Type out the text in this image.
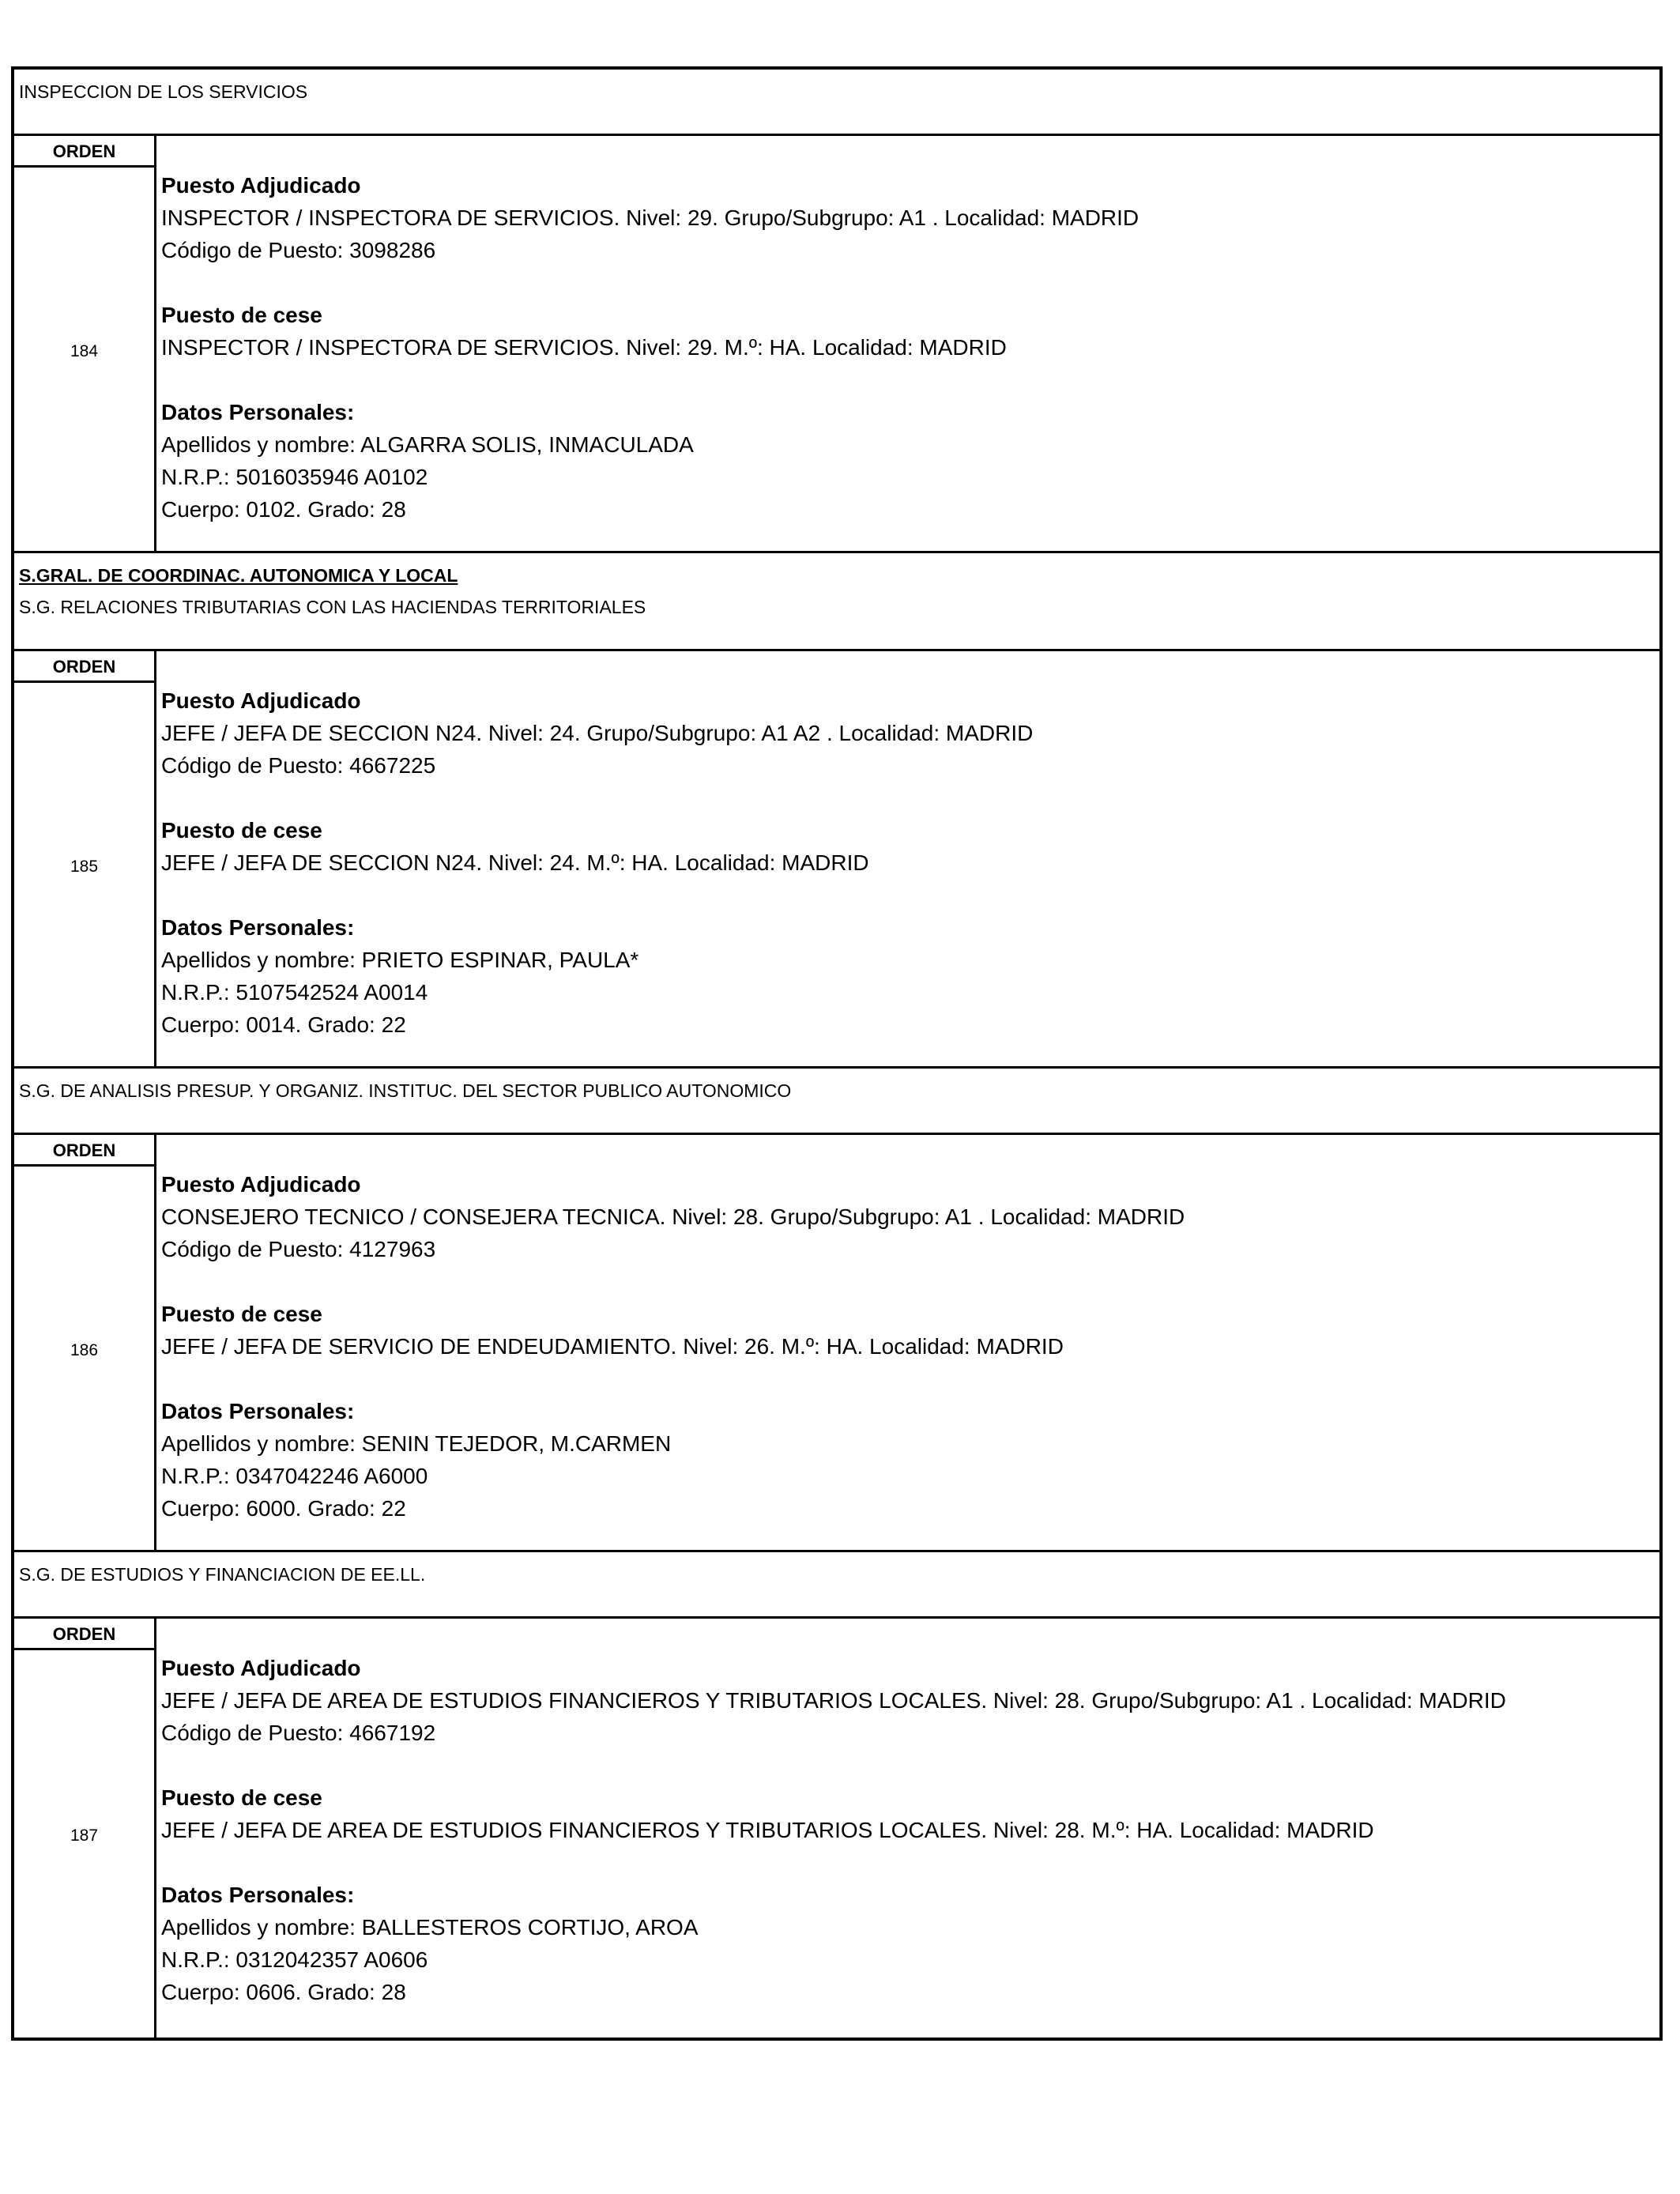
INSPECCION DE LOS SERVICIOS
ORDEN
184
Puesto Adjudicado
INSPECTOR / INSPECTORA DE SERVICIOS. Nivel: 29. Grupo/Subgrupo: A1 . Localidad: MADRID
Código de Puesto: 3098286
Puesto de cese
INSPECTOR / INSPECTORA DE SERVICIOS. Nivel: 29. M.º: HA. Localidad: MADRID
Datos Personales:
Apellidos y nombre: ALGARRA SOLIS, INMACULADA
N.R.P.: 5016035946 A0102
Cuerpo: 0102. Grado: 28
S.GRAL. DE COORDINAC. AUTONOMICA Y LOCAL
S.G. RELACIONES TRIBUTARIAS CON LAS HACIENDAS TERRITORIALES
ORDEN
185
Puesto Adjudicado
JEFE / JEFA DE SECCION N24. Nivel: 24. Grupo/Subgrupo: A1 A2 . Localidad: MADRID
Código de Puesto: 4667225
Puesto de cese
JEFE / JEFA DE SECCION N24. Nivel: 24. M.º: HA. Localidad: MADRID
Datos Personales:
Apellidos y nombre: PRIETO ESPINAR, PAULA*
N.R.P.: 5107542524 A0014
Cuerpo: 0014. Grado: 22
S.G. DE ANALISIS PRESUP. Y ORGANIZ. INSTITUC. DEL SECTOR PUBLICO AUTONOMICO
ORDEN
186
Puesto Adjudicado
CONSEJERO TECNICO / CONSEJERA TECNICA. Nivel: 28. Grupo/Subgrupo: A1 . Localidad: MADRID
Código de Puesto: 4127963
Puesto de cese
JEFE / JEFA DE SERVICIO DE ENDEUDAMIENTO. Nivel: 26. M.º: HA. Localidad: MADRID
Datos Personales:
Apellidos y nombre: SENIN TEJEDOR, M.CARMEN
N.R.P.: 0347042246 A6000
Cuerpo: 6000. Grado: 22
S.G. DE ESTUDIOS Y FINANCIACION DE EE.LL.
ORDEN
187
Puesto Adjudicado
JEFE / JEFA DE AREA DE ESTUDIOS FINANCIEROS Y TRIBUTARIOS LOCALES. Nivel: 28. Grupo/Subgrupo: A1 . Localidad: MADRID
Código de Puesto: 4667192
Puesto de cese
JEFE / JEFA DE AREA DE ESTUDIOS FINANCIEROS Y TRIBUTARIOS LOCALES. Nivel: 28. M.º: HA. Localidad: MADRID
Datos Personales:
Apellidos y nombre: BALLESTEROS CORTIJO, AROA
N.R.P.: 0312042357 A0606
Cuerpo: 0606. Grado: 28
